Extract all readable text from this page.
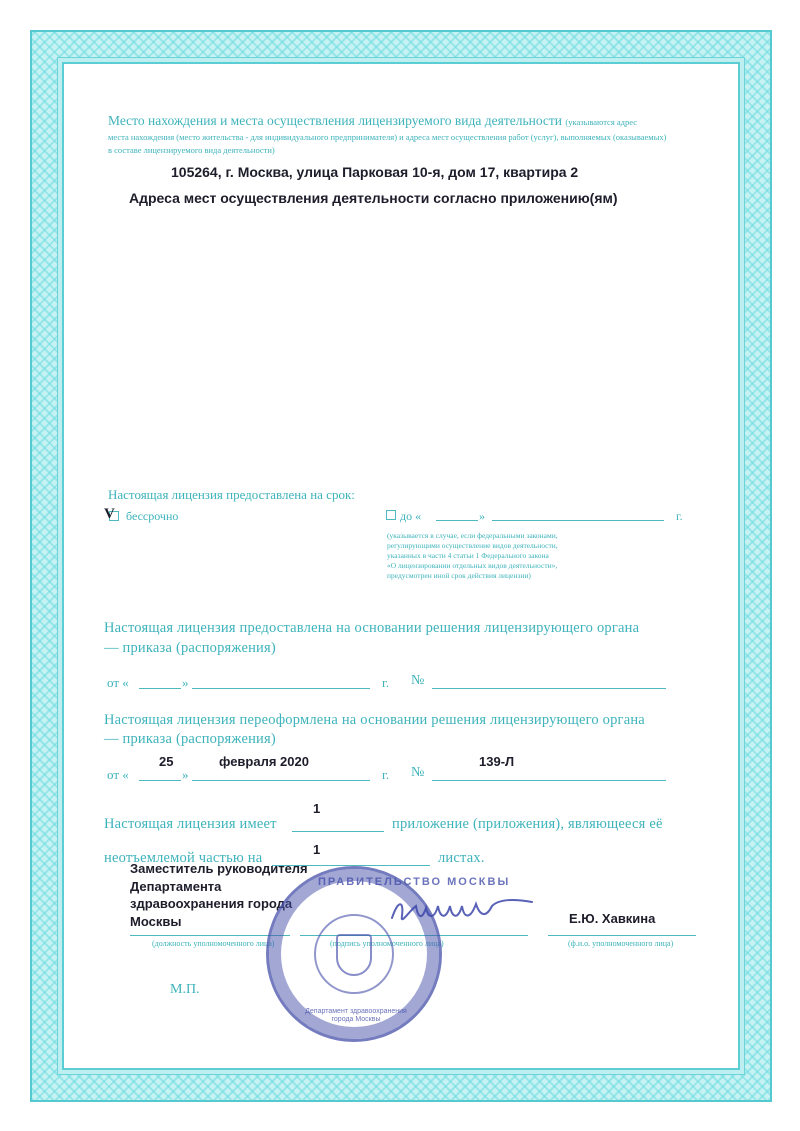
Место нахождения и места осуществления лицензируемого вида деятельности (указываются адрес
места нахождения (место жительства - для индивидуального предпринимателя) и адреса мест осуществления работ (услуг), выполняемых (оказываемых)
в составе лицензируемого вида деятельности)
105264, г. Москва, улица Парковая 10-я, дом 17, квартира 2
Адреса мест осуществления деятельности согласно приложению(ям)
Настоящая лицензия предоставлена на срок:
V бессрочно	до «	»	г.
(указывается в случае, если федеральными законами,
регулирующими осуществление видов деятельности,
указанных в части 4 статьи 1 Федерального закона
«О лицензировании отдельных видов деятельности»,
предусмотрен иной срок действия лицензии)
Настоящая лицензия предоставлена на основании решения лицензирующего органа
— приказа (распоряжения)
от «	»	г. №
Настоящая лицензия переоформлена на основании решения лицензирующего органа
— приказа (распоряжения)
от «
25
»
февраля 2020
г. №
139-Л
1
Настоящая лицензия имеет	приложение (приложения), являющееся её
1
неотъемлемой частью на	листах.
Заместитель руководителя
Департамента
здравоохранения города
Москвы	Е.Ю. Хавкина
(должность уполномоченного лица)	(подпись уполномоченного лица)	(ф.и.о. уполномоченного лица)
М.П.
ПРАВИТЕЛЬСТВО МОСКВЫ
Департамент здравоохранения города Москвы
